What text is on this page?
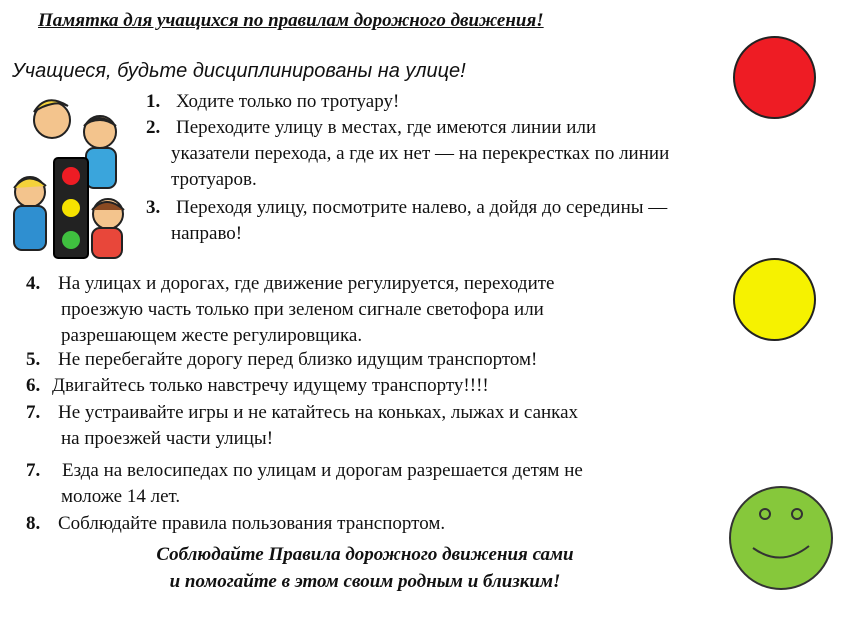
Памятка для учащихся по правилам дорожного движения!
Учащиеся, будьте дисциплинированы на улице!
1. Ходите только по тротуару!
2. Переходите улицу в местах, где имеются линии или
указатели перехода, а где их нет — на перекрестках по линии
тротуаров.
3. Переходя улицу, посмотрите налево, а дойдя до середины —
направо!
4. На улицах и дорогах, где движение регулируется, переходите
проезжую часть только при зеленом сигнале светофора или
разрешающем жесте регулировщика.
5. Не перебегайте дорогу перед близко идущим транспортом!
6. Двигайтесь только навстречу идущему транспорту!!!!
7. Не устраивайте игры и не катайтесь на коньках, лыжах и санках
на проезжей части улицы!
7. Езда на велосипедах по улицам и дорогам разрешается детям не
моложе 14 лет.
8. Соблюдайте правила пользования транспортом.
Соблюдайте Правила дорожного движения сами
и помогайте в этом своим родным и близким!
